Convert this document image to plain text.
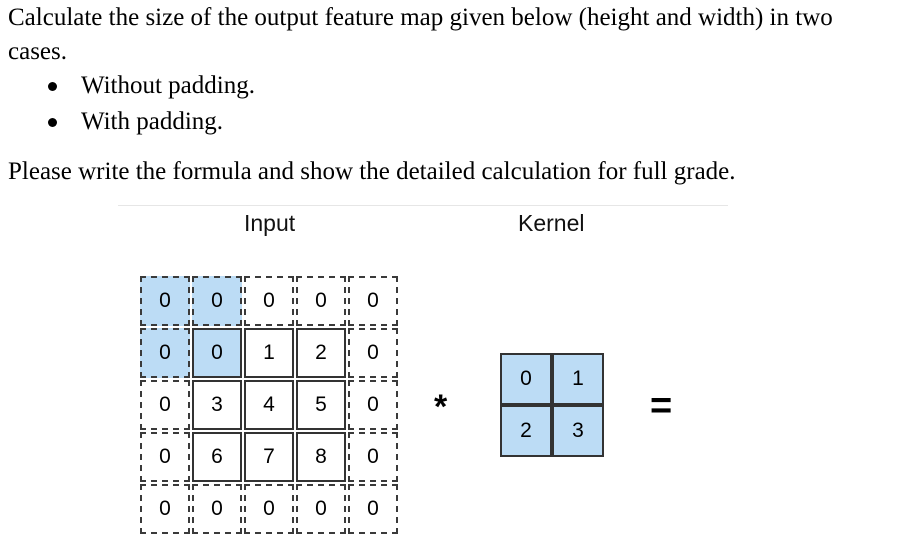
Calculate the size of the output feature map given below (height and width) in two
cases.
Without padding.
With padding.
Please write the formula and show the detailed calculation for full grade.
Input	Kernel
0	0	0	0	0
0	0	1	2	0
0	3	4	5	0
0	6	7	8	0
0	0	0	0	0
*
0	1
2	3
=
